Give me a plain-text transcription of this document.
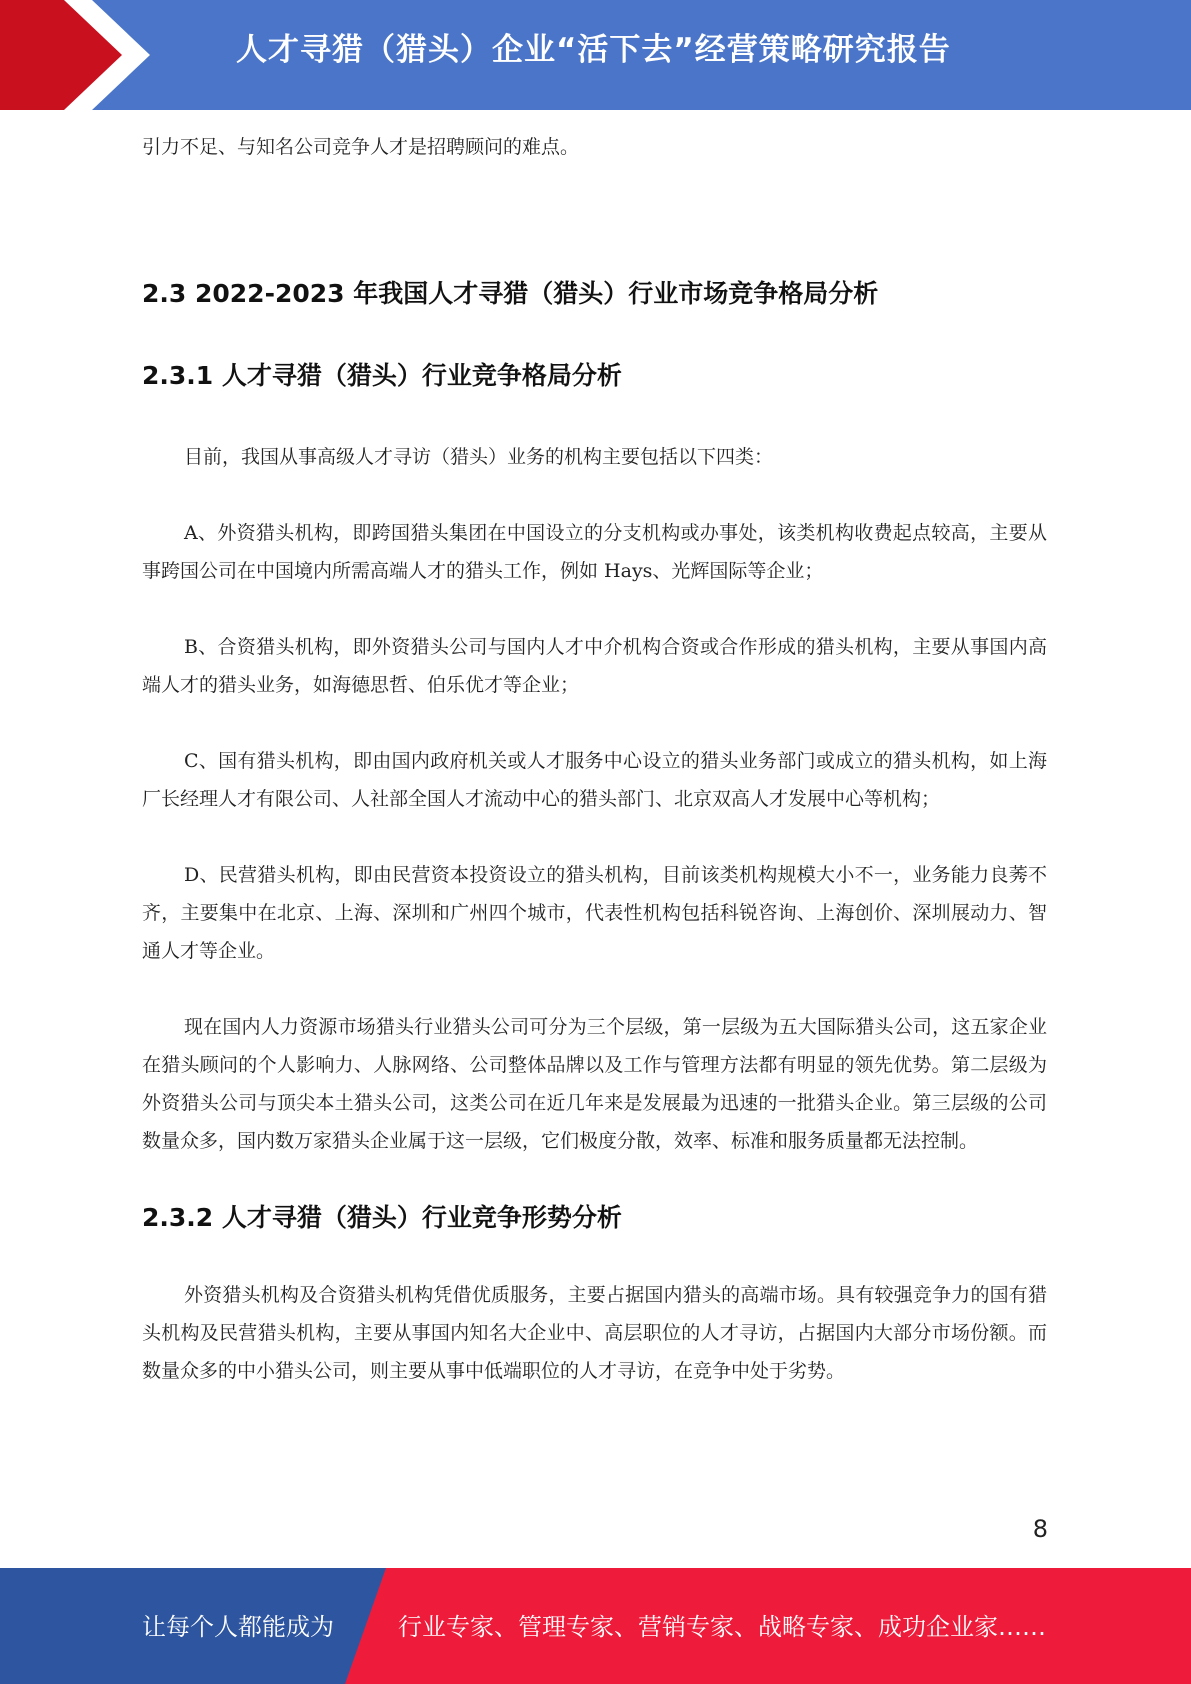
人才寻猎（猎头）企业“活下去”经营策略研究报告

引力不足、与知名公司竞争人才是招聘顾问的难点。

2.3 2022-2023 年我国人才寻猎（猎头）行业市场竞争格局分析
2.3.1 人才寻猎（猎头）行业竞争格局分析

目前，我国从事高级人才寻访（猎头）业务的机构主要包括以下四类：

A、外资猎头机构，即跨国猎头集团在中国设立的分支机构或办事处，该类机构收费起点较高，主要从事跨国公司在中国境内所需高端人才的猎头工作，例如 Hays、光辉国际等企业；

B、合资猎头机构，即外资猎头公司与国内人才中介机构合资或合作形成的猎头机构，主要从事国内高端人才的猎头业务，如海德思哲、伯乐优才等企业；

C、国有猎头机构，即由国内政府机关或人才服务中心设立的猎头业务部门或成立的猎头机构，如上海厂长经理人才有限公司、人社部全国人才流动中心的猎头部门、北京双高人才发展中心等机构；

D、民营猎头机构，即由民营资本投资设立的猎头机构，目前该类机构规模大小不一，业务能力良莠不齐，主要集中在北京、上海、深圳和广州四个城市，代表性机构包括科锐咨询、上海创价、深圳展动力、智通人才等企业。

现在国内人力资源市场猎头行业猎头公司可分为三个层级，第一层级为五大国际猎头公司，这五家企业在猎头顾问的个人影响力、人脉网络、公司整体品牌以及工作与管理方法都有明显的领先优势。第二层级为外资猎头公司与顶尖本土猎头公司，这类公司在近几年来是发展最为迅速的一批猎头企业。第三层级的公司数量众多，国内数万家猎头企业属于这一层级，它们极度分散，效率、标准和服务质量都无法控制。

2.3.2 人才寻猎（猎头）行业竞争形势分析

外资猎头机构及合资猎头机构凭借优质服务，主要占据国内猎头的高端市场。具有较强竞争力的国有猎头机构及民营猎头机构，主要从事国内知名大企业中、高层职位的人才寻访，占据国内大部分市场份额。而数量众多的中小猎头公司，则主要从事中低端职位的人才寻访，在竞争中处于劣势。

8
让每个人都能成为	行业专家、管理专家、营销专家、战略专家、成功企业家……
